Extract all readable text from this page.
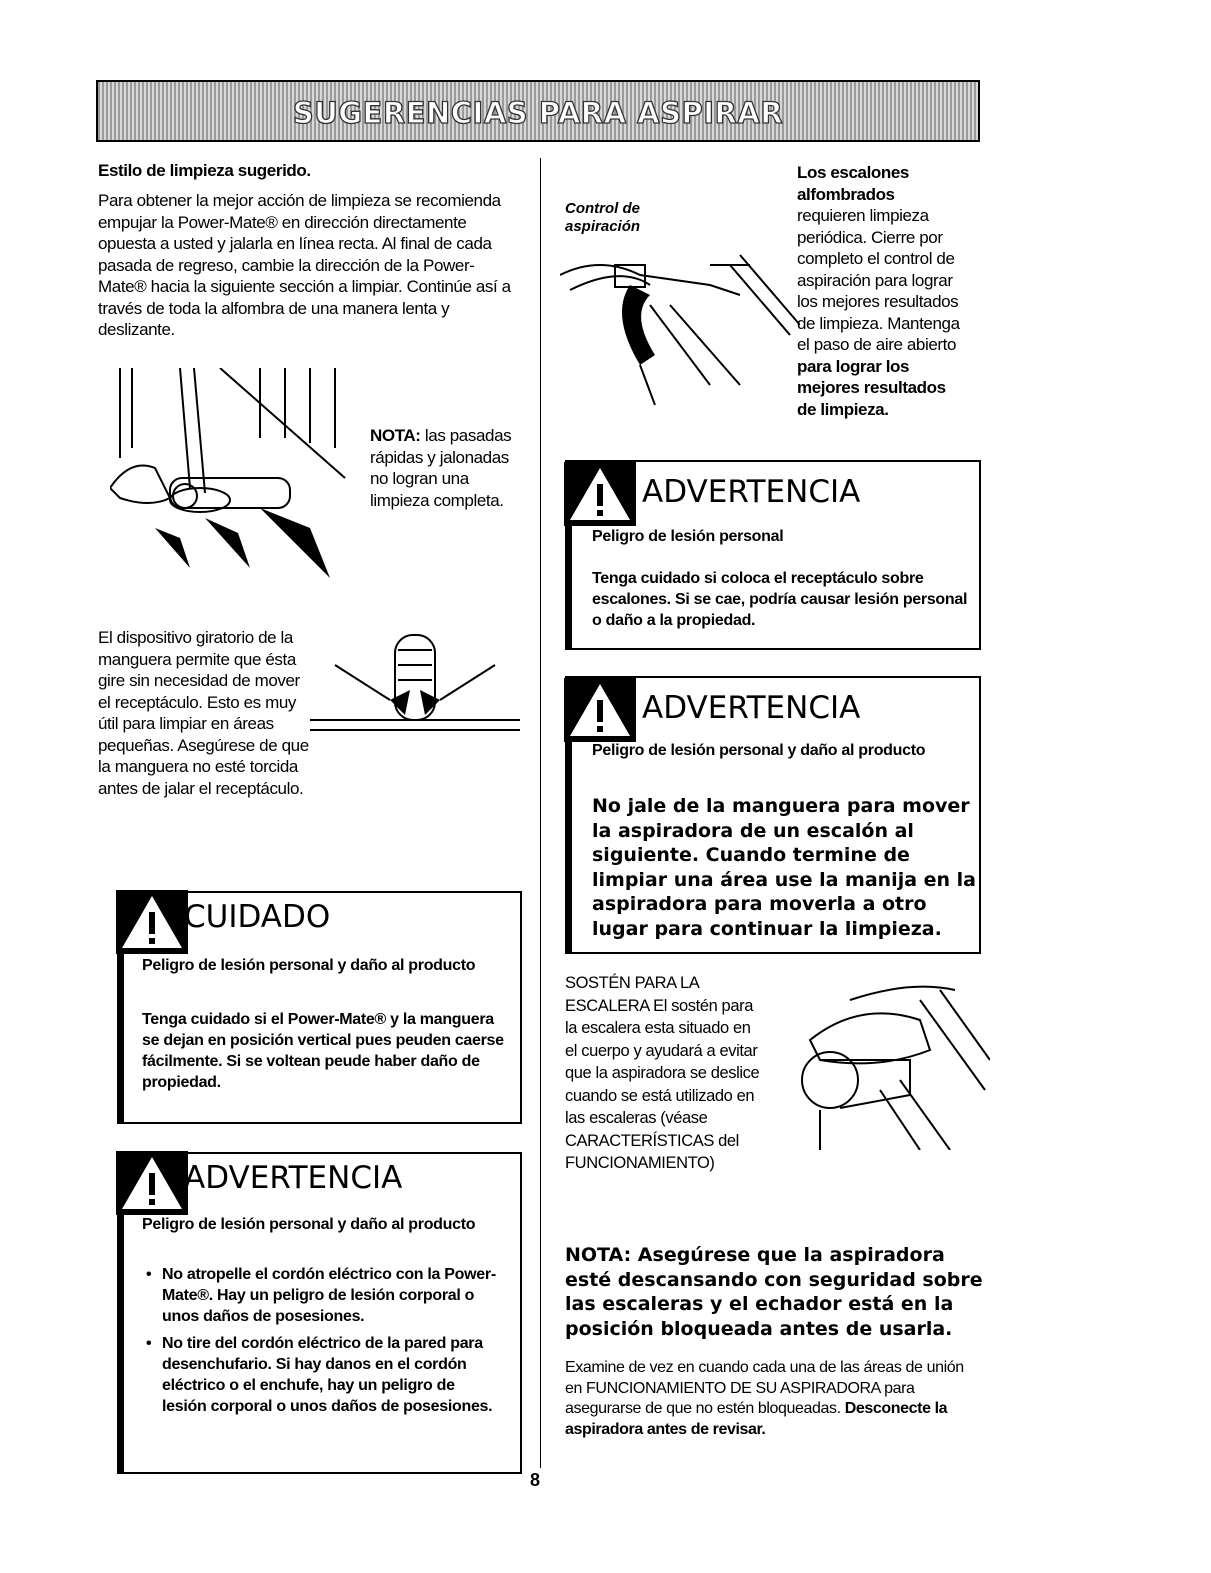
SUGERENCIAS PARA ASPIRAR
Estilo de limpieza sugerido.
Para obtener la mejor acción de limpieza se recomienda empujar la Power-Mate® en dirección directamente opuesta a usted y jalarla en línea recta. Al final de cada pasada de regreso, cambie la dirección de la Power-Mate® hacia la siguiente sección a limpiar. Continúe así a través de toda la alfombra de una manera lenta y deslizante.
NOTA: las pasadas rápidas y jalonadas no logran una limpieza completa.
El dispositivo giratorio de la manguera permite que ésta gire sin necesidad de mover el receptáculo. Esto es muy útil para limpiar en áreas pequeñas. Asegúrese de que la manguera no esté torcida antes de jalar el receptáculo.
CUIDADO
Peligro de lesión personal y daño al producto
Tenga cuidado si el Power-Mate® y la manguera se dejan en posición vertical pues peuden caerse fácilmente. Si se voltean peude haber daño de propiedad.
ADVERTENCIA
Peligro de lesión personal y daño al producto
• No atropelle el cordón eléctrico con la Power-Mate®. Hay un peligro de lesión corporal o unos daños de posesiones.
• No tire del cordón eléctrico de la pared para desenchufario. Si hay danos en el cordón eléctrico o el enchufe, hay un peligro de lesión corporal o unos daños de posesiones.
Control de aspiración
Los escalones alfombrados requieren limpieza periódica. Cierre por completo el control de aspiración para lograr los mejores resultados de limpieza. Mantenga el paso de aire abierto para lograr los mejores resultados de limpieza.
ADVERTENCIA
Peligro de lesión personal
Tenga cuidado si coloca el receptáculo sobre escalones. Si se cae, podría causar lesión personal o daño a la propiedad.
ADVERTENCIA
Peligro de lesión personal y daño al producto
No jale de la manguera para mover la aspiradora de un escalón al siguiente. Cuando termine de limpiar una área use la manija en la aspiradora para moverla a otro lugar para continuar la limpieza.
SOSTÉN PARA LA ESCALERA El sostén para la escalera esta situado en el cuerpo y ayudará a evitar que la aspiradora se deslice cuando se está utilizado en las escaleras (véase CARACTERÍSTICAS del FUNCIONAMIENTO)
NOTA: Asegúrese que la aspiradora esté descansando con seguridad sobre las escaleras y el echador está en la posición bloqueada antes de usarla.
Examine de vez en cuando cada una de las áreas de unión en FUNCIONAMIENTO DE SU ASPIRADORA para asegurarse de que no estén bloqueadas. Desconecte la aspiradora antes de revisar.
8
